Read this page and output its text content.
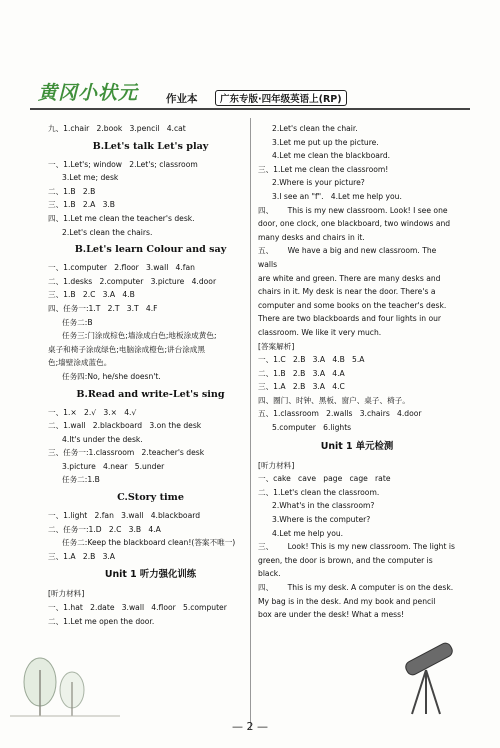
黄冈小状元	作业本	广东专版·四年级英语上(RP)
九、1.chair   2.book   3.pencil   4.cat
B.Let's talk Let's play
一、1.Let's; window   2.Let's; classroom
3.Let me; desk
二、1.B   2.B
三、1.B   2.A   3.B
四、1.Let me clean the teacher's desk.
2.Let's clean the chairs.
B.Let's learn Colour and say
一、1.computer   2.floor   3.wall   4.fan
二、1.desks   2.computer   3.picture   4.door
三、1.B   2.C   3.A   4.B
四、任务一:1.T   2.T   3.T   4.F
任务二:B
任务三:门涂成棕色;墙涂成白色;地板涂成黄色;
桌子和椅子涂成绿色;电脑涂成橙色;讲台涂成黑
色;墙壁涂成蓝色。
任务四:No, he/she doesn't.
B.Read and write-Let's sing
一、1.×   2.√   3.×   4.√
二、1.wall   2.blackboard   3.on the desk
4.It's under the desk.
三、任务一:1.classroom   2.teacher's desk
3.picture   4.near   5.under
任务二:1.B
C.Story time
一、1.light   2.fan   3.wall   4.blackboard
二、任务一:1.D   2.C   3.B   4.A
任务二:Keep the blackboard clean!(答案不唯一)
三、1.A   2.B   3.A
Unit 1 听力强化训练
[听力材料]
一、1.hat   2.date   3.wall   4.floor   5.computer
二、1.Let me open the door.
2.Let's clean the chair.
3.Let me put up the picture.
4.Let me clean the blackboard.
三、1.Let me clean the classroom!
2.Where is your picture?
3.I see an "f".   4.Let me help you.
四、      This is my new classroom. Look! I see one
door, one clock, one blackboard, two windows and
many desks and chairs in it.
五、      We have a big and new classroom. The walls
are white and green. There are many desks and
chairs in it. My desk is near the door. There's a
computer and some books on the teacher's desk.
There are two blackboards and four lights in our
classroom. We like it very much.
[答案解析]
一、1.C   2.B   3.A   4.B   5.A
二、1.B   2.B   3.A   4.A
三、1.A   2.B   3.A   4.C
四、圈门、时钟、黑板、窗户、桌子、椅子。
五、1.classroom   2.walls   3.chairs   4.door
5.computer   6.lights
Unit 1 单元检测
[听力材料]
一、cake   cave   page   cage   rate
二、1.Let's clean the classroom.
2.What's in the classroom?
3.Where is the computer?
4.Let me help you.
三、      Look! This is my new classroom. The light is
green, the door is brown, and the computer is
black.
四、      This is my desk. A computer is on the desk.
My bag is in the desk. And my book and pencil
box are under the desk! What a mess!
— 2 —
